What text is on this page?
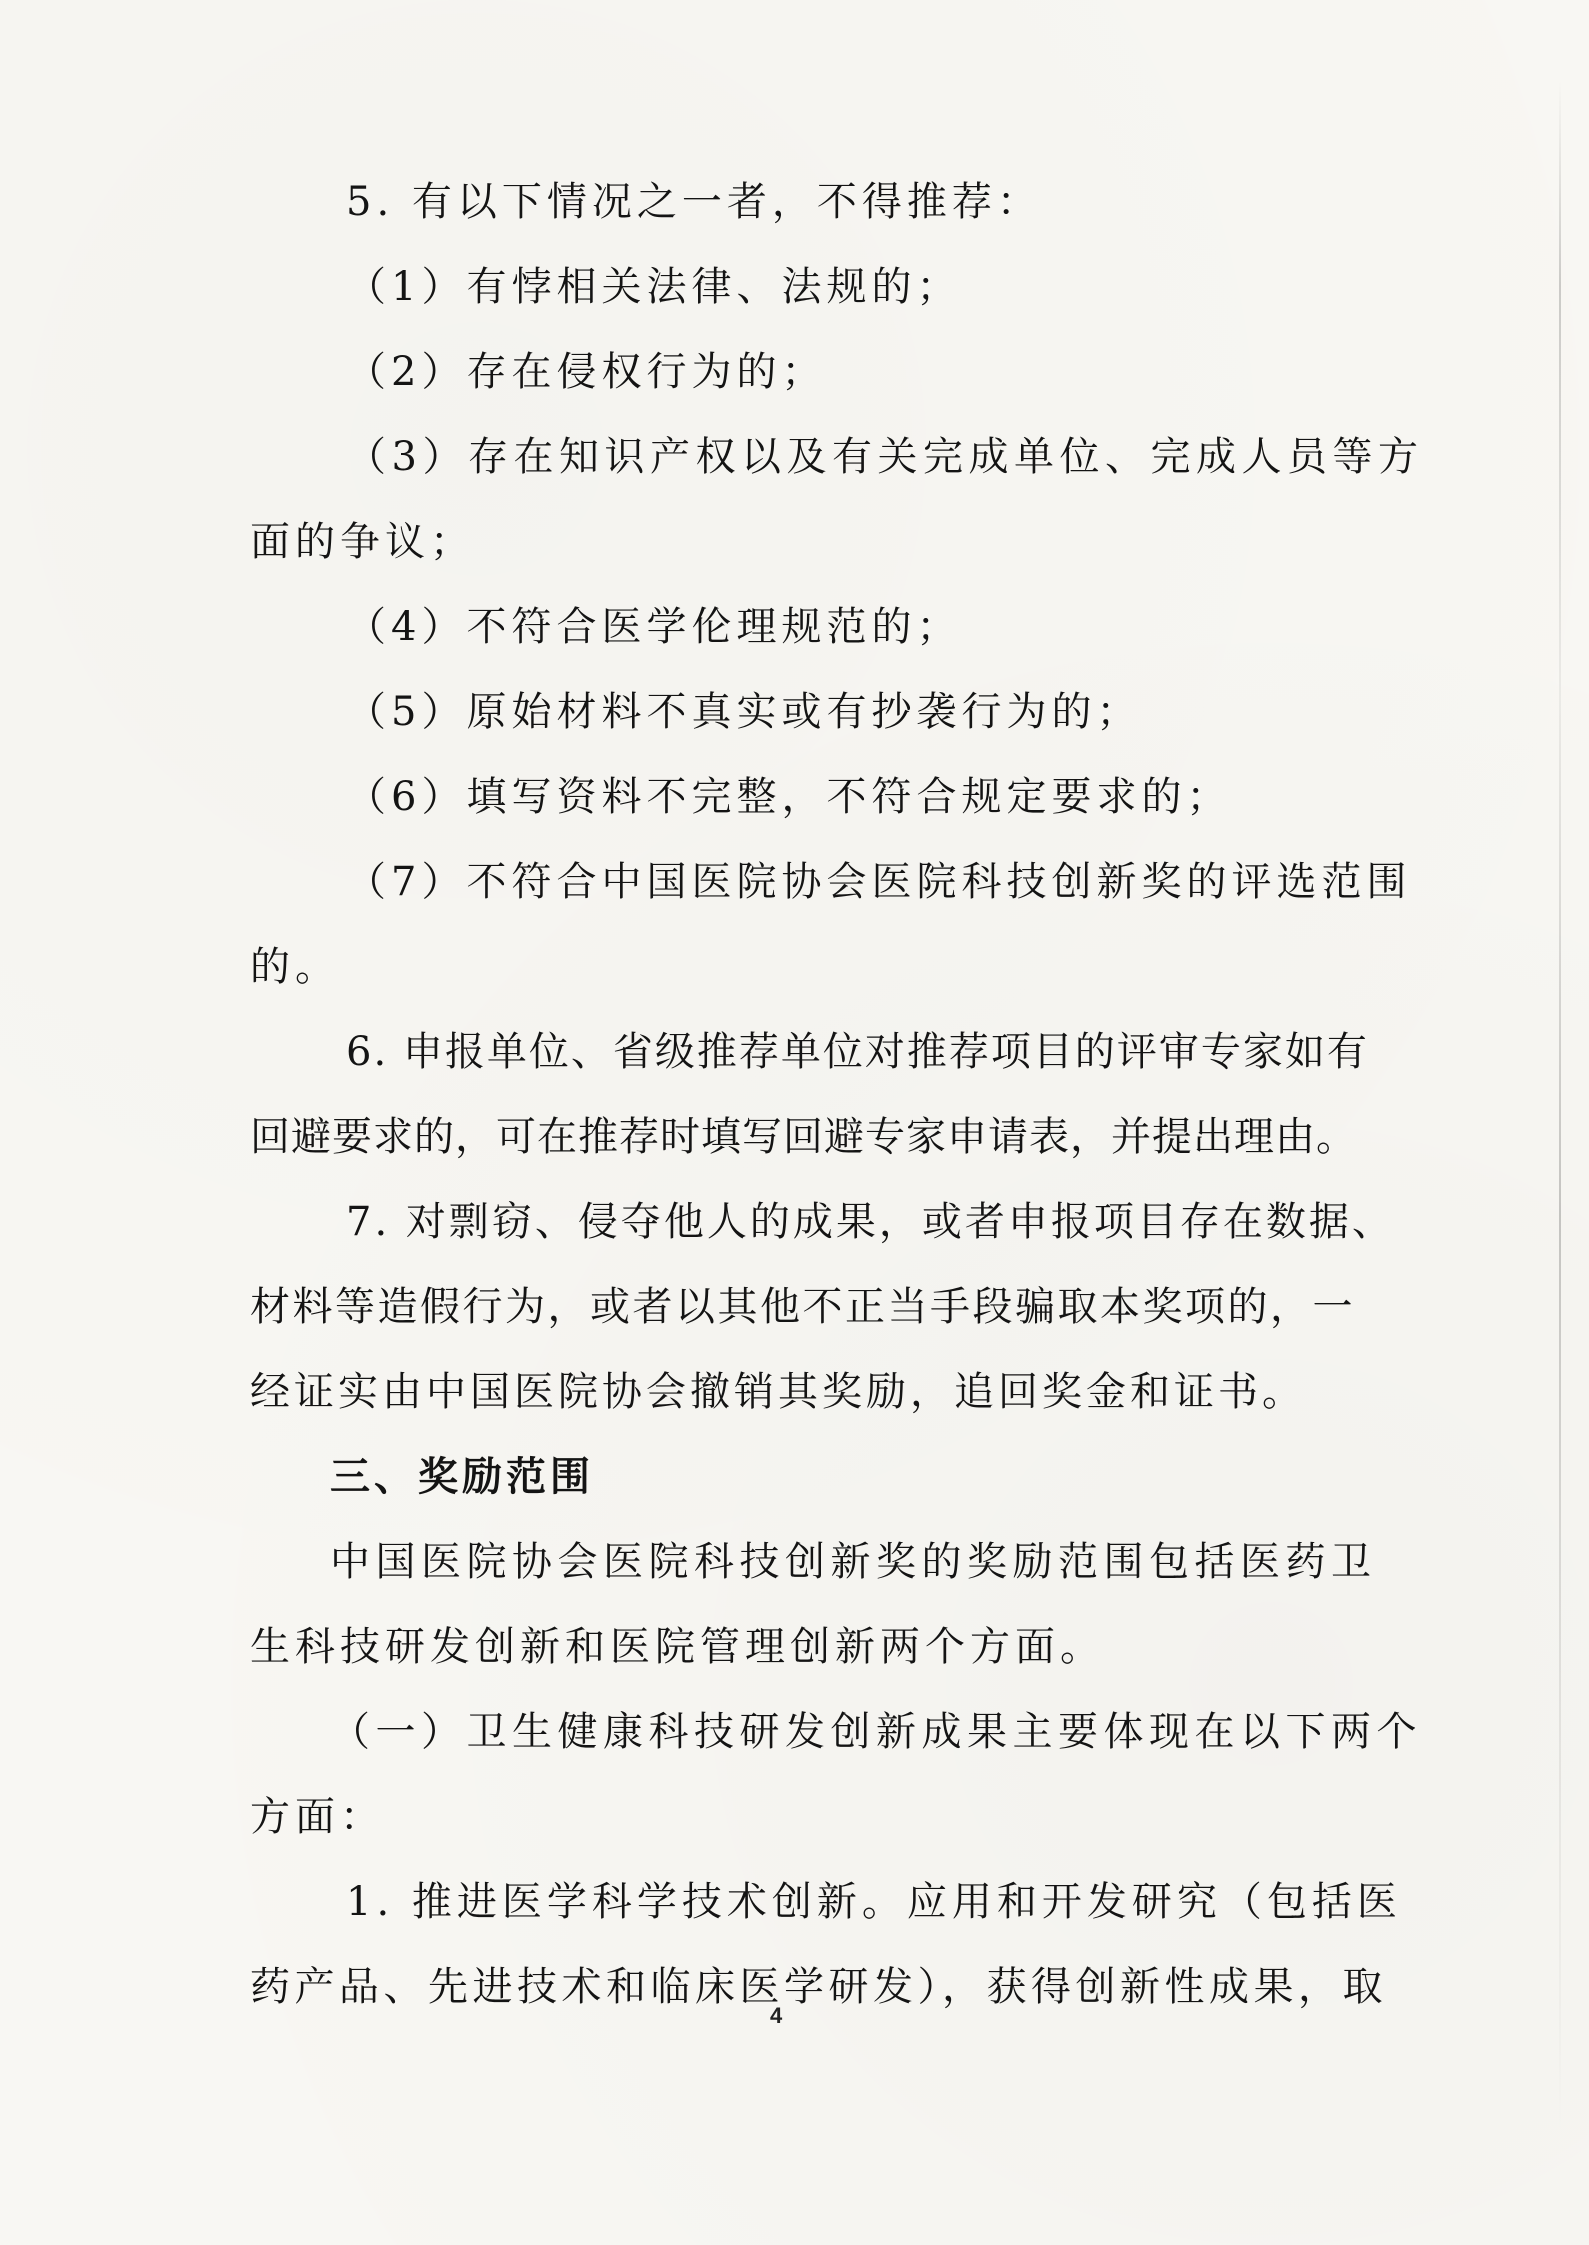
5. 有以下情况之一者，不得推荐：
（1）有悖相关法律、法规的；
（2）存在侵权行为的；
（3）存在知识产权以及有关完成单位、完成人员等方
面的争议；
（4）不符合医学伦理规范的；
（5）原始材料不真实或有抄袭行为的；
（6）填写资料不完整，不符合规定要求的；
（7）不符合中国医院协会医院科技创新奖的评选范围
的。
6. 申报单位、省级推荐单位对推荐项目的评审专家如有
回避要求的，可在推荐时填写回避专家申请表，并提出理由。
7. 对剽窃、侵夺他人的成果，或者申报项目存在数据、
材料等造假行为，或者以其他不正当手段骗取本奖项的，一
经证实由中国医院协会撤销其奖励，追回奖金和证书。
三、奖励范围
中国医院协会医院科技创新奖的奖励范围包括医药卫
生科技研发创新和医院管理创新两个方面。
（一）卫生健康科技研发创新成果主要体现在以下两个
方面：
1. 推进医学科学技术创新。应用和开发研究（包括医
药产品、先进技术和临床医学研发），获得创新性成果，取
4
